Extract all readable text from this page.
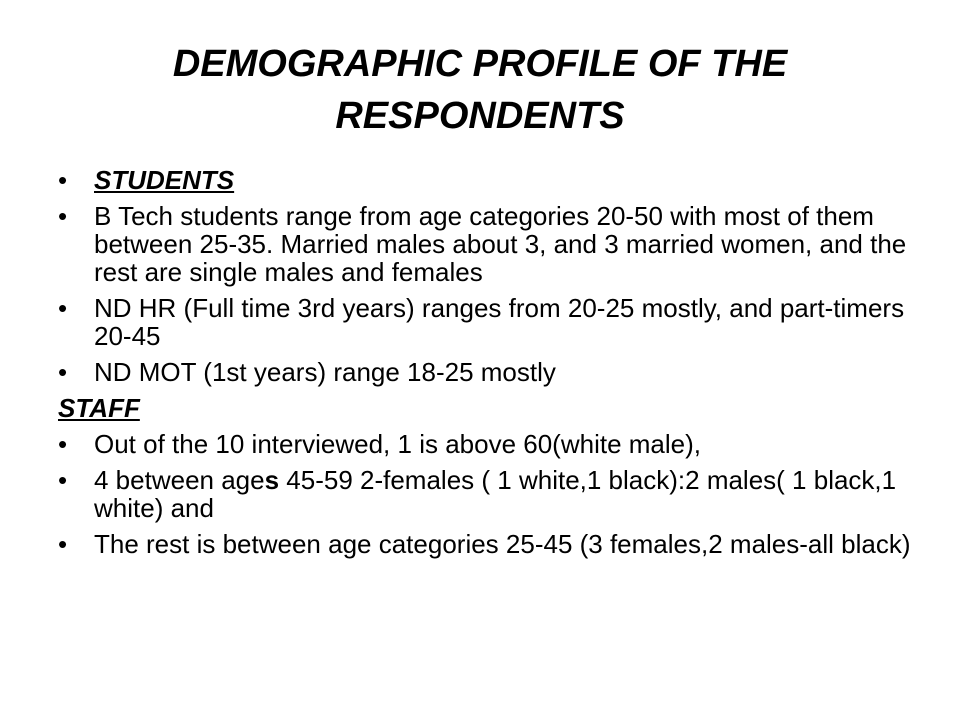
DEMOGRAPHIC PROFILE OF THE RESPONDENTS
•	STUDENTS
•	B Tech students range from age categories 20-50 with most of them between 25-35. Married males about 3, and 3 married women, and the rest are single males and females
•	ND HR (Full time 3rd years) ranges from 20-25 mostly, and part-timers 20-45
•	ND MOT (1st years) range 18-25 mostly
STAFF
•	Out of the 10 interviewed, 1 is above 60(white male),
•	4 between ages 45-59 2-females ( 1 white,1 black):2 males( 1 black,1 white) and
•	The rest is between age categories 25-45 (3 females,2 males-all black)
